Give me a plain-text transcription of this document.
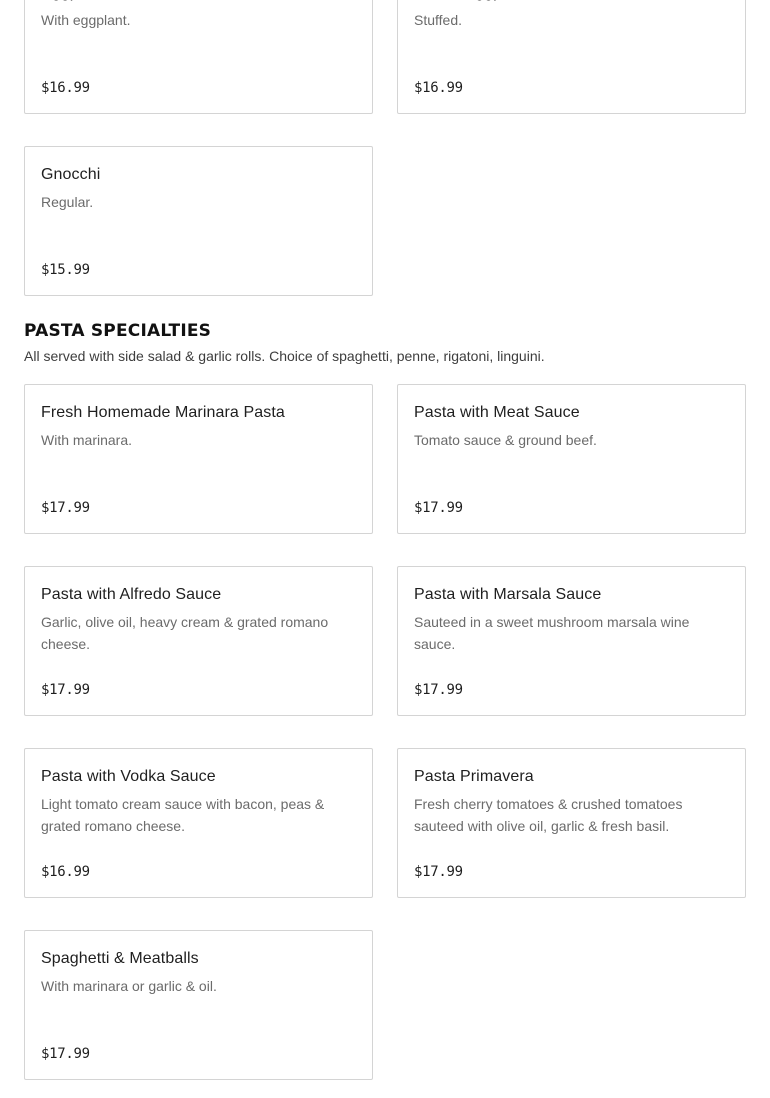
With eggplant.
$16.99
Stuffed.
$16.99
Gnocchi
Regular.
$15.99
PASTA SPECIALTIES
All served with side salad & garlic rolls. Choice of spaghetti, penne, rigatoni, linguini.
Fresh Homemade Marinara Pasta
With marinara.
$17.99
Pasta with Meat Sauce
Tomato sauce & ground beef.
$17.99
Pasta with Alfredo Sauce
Garlic, olive oil, heavy cream & grated romano cheese.
$17.99
Pasta with Marsala Sauce
Sauteed in a sweet mushroom marsala wine sauce.
$17.99
Pasta with Vodka Sauce
Light tomato cream sauce with bacon, peas & grated romano cheese.
$16.99
Pasta Primavera
Fresh cherry tomatoes & crushed tomatoes sauteed with olive oil, garlic & fresh basil.
$17.99
Spaghetti & Meatballs
With marinara or garlic & oil.
$17.99
